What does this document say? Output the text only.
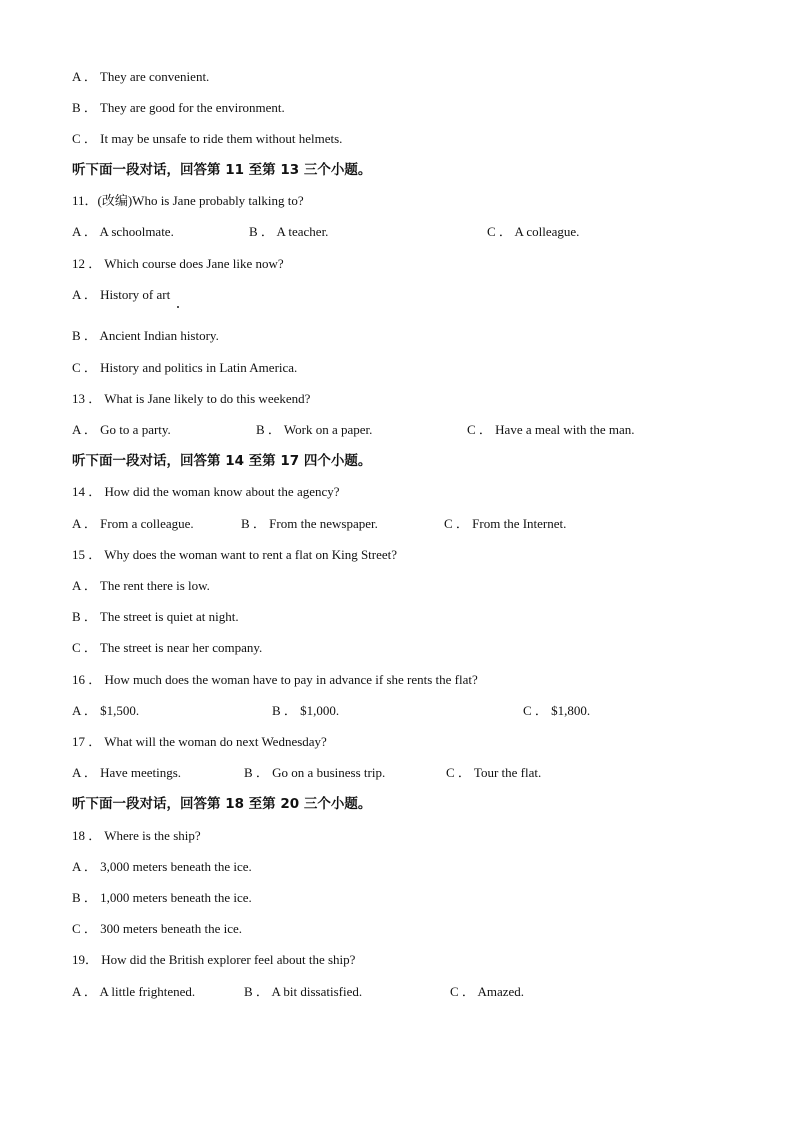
A ． They are convenient.
B ． They are good for the environment.
C ． It may be unsafe to ride them without helmets.
听下面一段对话，回答第 11 至第 13 三个小题。
11．(改编)Who is Jane probably talking to?
A ． A schoolmate.	B ． A teacher.	C ． A colleague.
12 ． Which course does Jane like now?
A ． History of art
B ． Ancient Indian history.
C ． History and politics in Latin America.
13 ． What is Jane likely to do this weekend?
A ． Go to a party.	B ． Work on a paper.	C ． Have a meal with the man.
听下面一段对话，回答第 14 至第 17 四个小题。
14 ． How did the woman know about the agency?
A ． From a colleague.	B ． From the newspaper.	C ． From the Internet.
15 ． Why does the woman want to rent a flat on King Street?
A ． The rent there is low.
B ． The street is quiet at night.
C ． The street is near her company.
16 ． How much does the woman have to pay in advance if she rents the flat?
A ． $1,500.	B ． $1,000.	C ． $1,800.
17 ． What will the woman do next Wednesday?
A ． Have meetings.	B ． Go on a business trip.	C ． Tour the flat.
听下面一段对话，回答第 18 至第 20 三个小题。
18 ． Where is the ship?
A ． 3,000 meters beneath the ice.
B ． 1,000 meters beneath the ice.
C ． 300 meters beneath the ice.
19． How did the British explorer feel about the ship?
A ． A little frightened.	B ． A bit dissatisfied.	C ． Amazed.
